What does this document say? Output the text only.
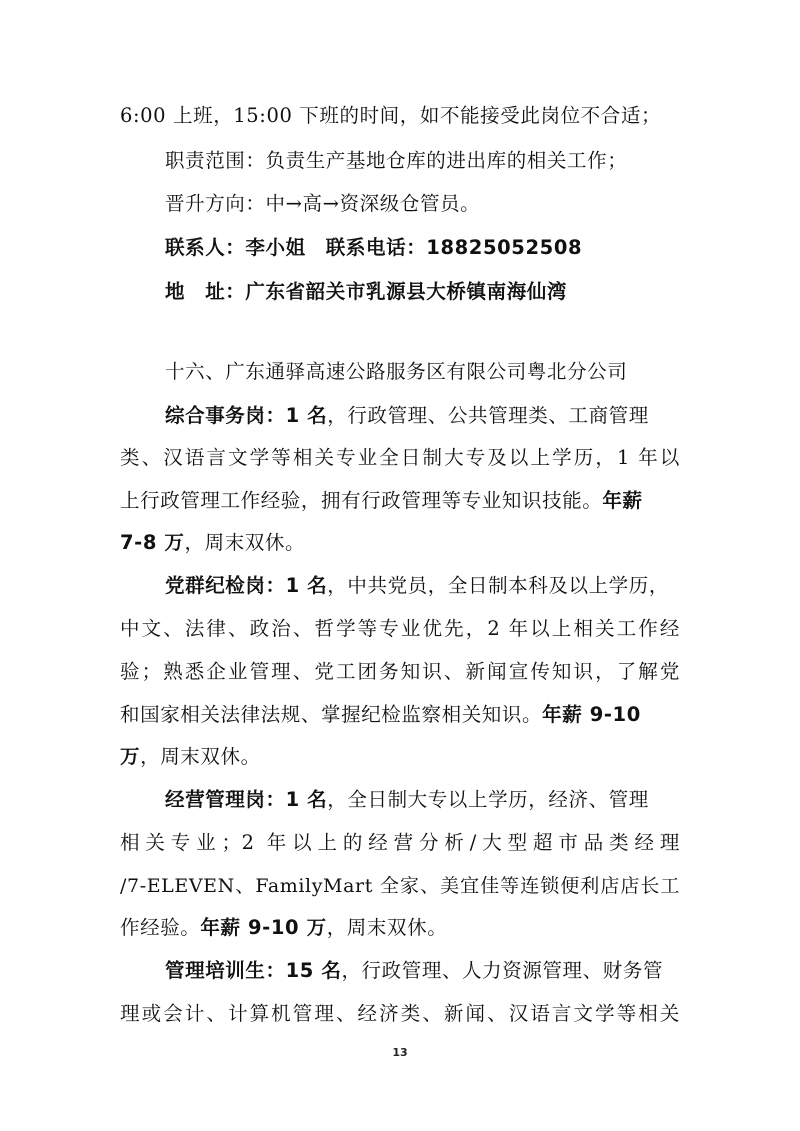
6:00 上班，15:00 下班的时间，如不能接受此岗位不合适；
职责范围：负责生产基地仓库的进出库的相关工作；
晋升方向：中→高→资深级仓管员。
联系人：李小姐　联系电话：18825052508
地　址：广东省韶关市乳源县大桥镇南海仙湾
十六、广东通驿高速公路服务区有限公司粤北分公司
综合事务岗：1 名，行政管理、公共管理类、工商管理
类、汉语言文学等相关专业全日制大专及以上学历，1 年以
上行政管理工作经验，拥有行政管理等专业知识技能。年薪
7-8 万，周末双休。
党群纪检岗：1 名，中共党员，全日制本科及以上学历，
中文、法律、政治、哲学等专业优先，2 年以上相关工作经
验；熟悉企业管理、党工团务知识、新闻宣传知识，了解党
和国家相关法律法规、掌握纪检监察相关知识。年薪 9-10
万，周末双休。
经营管理岗：1 名，全日制大专以上学历，经济、管理
相关专业；2 年以上的经营分析/大型超市品类经理
/7-ELEVEN、FamilyMart 全家、美宜佳等连锁便利店店长工
作经验。年薪 9-10 万，周末双休。
管理培训生：15 名，行政管理、人力资源管理、财务管
理或会计、计算机管理、经济类、新闻、汉语言文学等相关
13
